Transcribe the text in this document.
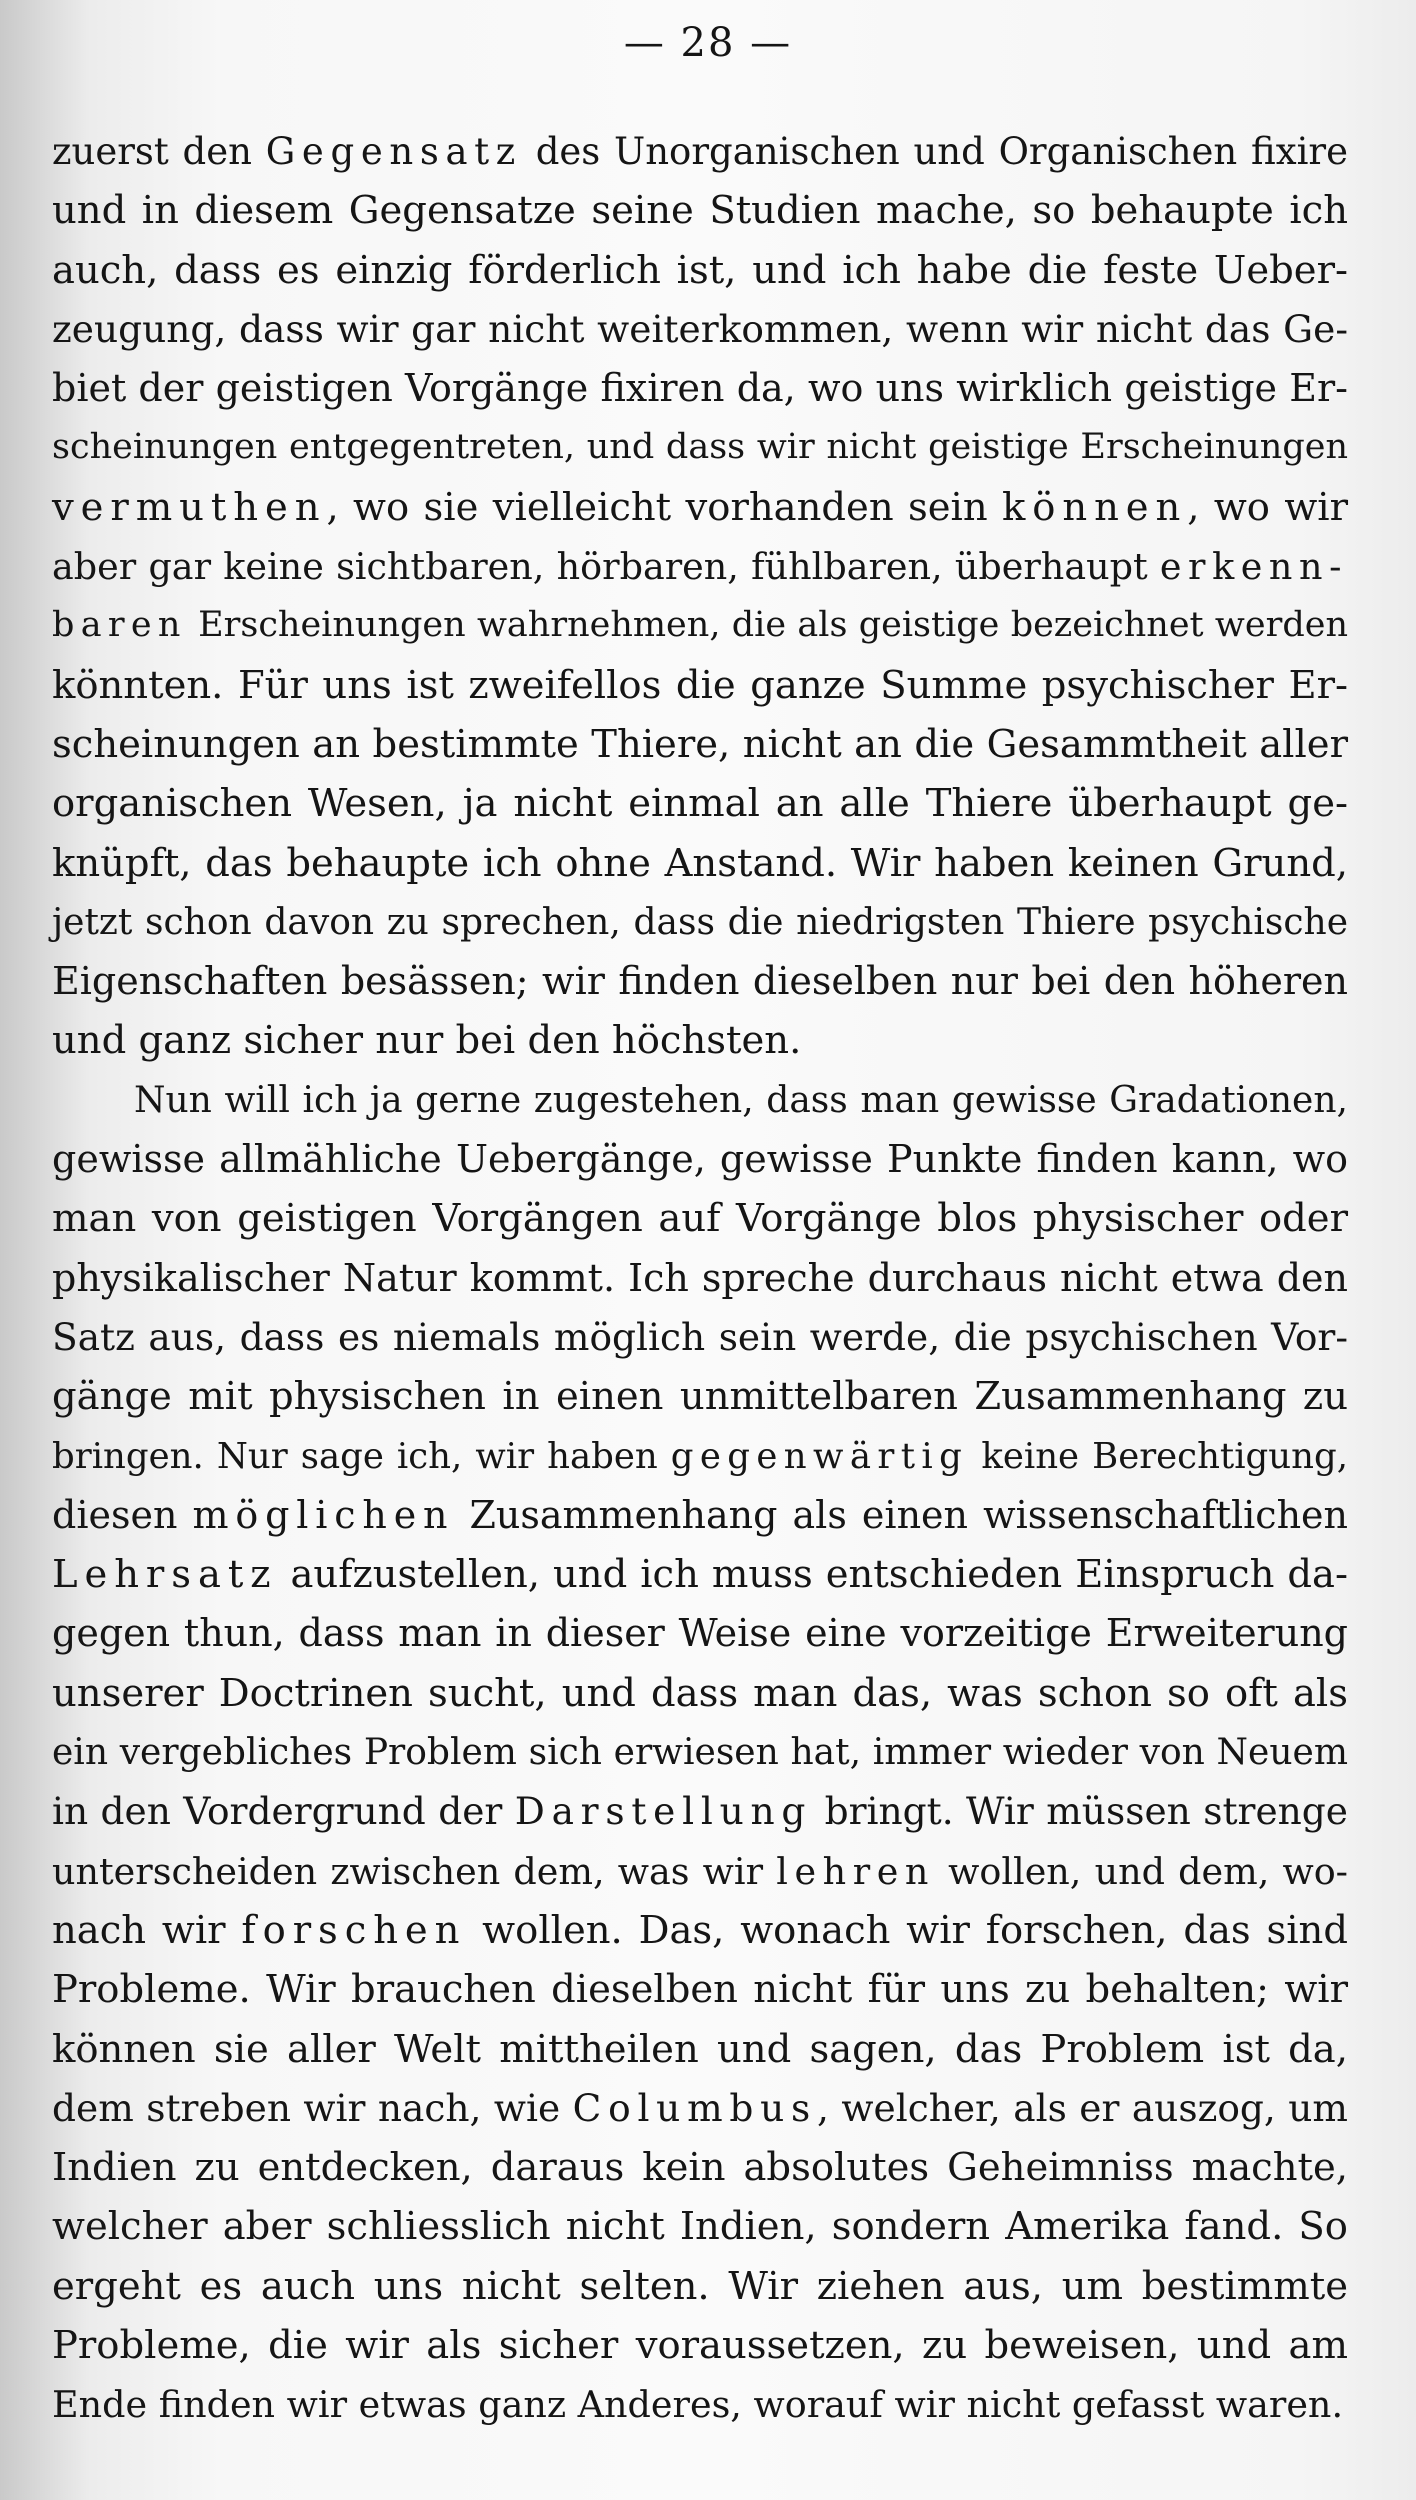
— 28 —
zuerst den Gegensatz des Unorganischen und Organischen fixire
und in diesem Gegensatze seine Studien mache, so behaupte ich
auch, dass es einzig förderlich ist, und ich habe die feste Ueber-
zeugung, dass wir gar nicht weiterkommen, wenn wir nicht das Ge-
biet der geistigen Vorgänge fixiren da, wo uns wirklich geistige Er-
scheinungen entgegentreten, und dass wir nicht geistige Erscheinungen
vermuthen, wo sie vielleicht vorhanden sein können, wo wir
aber gar keine sichtbaren, hörbaren, fühlbaren, überhaupt erkenn-
baren Erscheinungen wahrnehmen, die als geistige bezeichnet werden
könnten. Für uns ist zweifellos die ganze Summe psychischer Er-
scheinungen an bestimmte Thiere, nicht an die Gesammtheit aller
organischen Wesen, ja nicht einmal an alle Thiere überhaupt ge-
knüpft, das behaupte ich ohne Anstand. Wir haben keinen Grund,
jetzt schon davon zu sprechen, dass die niedrigsten Thiere psychische
Eigenschaften besässen; wir finden dieselben nur bei den höheren
und ganz sicher nur bei den höchsten.
Nun will ich ja gerne zugestehen, dass man gewisse Gradationen,
gewisse allmähliche Uebergänge, gewisse Punkte finden kann, wo
man von geistigen Vorgängen auf Vorgänge blos physischer oder
physikalischer Natur kommt. Ich spreche durchaus nicht etwa den
Satz aus, dass es niemals möglich sein werde, die psychischen Vor-
gänge mit physischen in einen unmittelbaren Zusammenhang zu
bringen. Nur sage ich, wir haben gegenwärtig keine Berechtigung,
diesen möglichen Zusammenhang als einen wissenschaftlichen
Lehrsatz aufzustellen, und ich muss entschieden Einspruch da-
gegen thun, dass man in dieser Weise eine vorzeitige Erweiterung
unserer Doctrinen sucht, und dass man das, was schon so oft als
ein vergebliches Problem sich erwiesen hat, immer wieder von Neuem
in den Vordergrund der Darstellung bringt. Wir müssen strenge
unterscheiden zwischen dem, was wir lehren wollen, und dem, wo-
nach wir forschen wollen. Das, wonach wir forschen, das sind
Probleme. Wir brauchen dieselben nicht für uns zu behalten; wir
können sie aller Welt mittheilen und sagen, das Problem ist da,
dem streben wir nach, wie Columbus, welcher, als er auszog, um
Indien zu entdecken, daraus kein absolutes Geheimniss machte,
welcher aber schliesslich nicht Indien, sondern Amerika fand. So
ergeht es auch uns nicht selten. Wir ziehen aus, um bestimmte
Probleme, die wir als sicher voraussetzen, zu beweisen, und am
Ende finden wir etwas ganz Anderes, worauf wir nicht gefasst waren.
